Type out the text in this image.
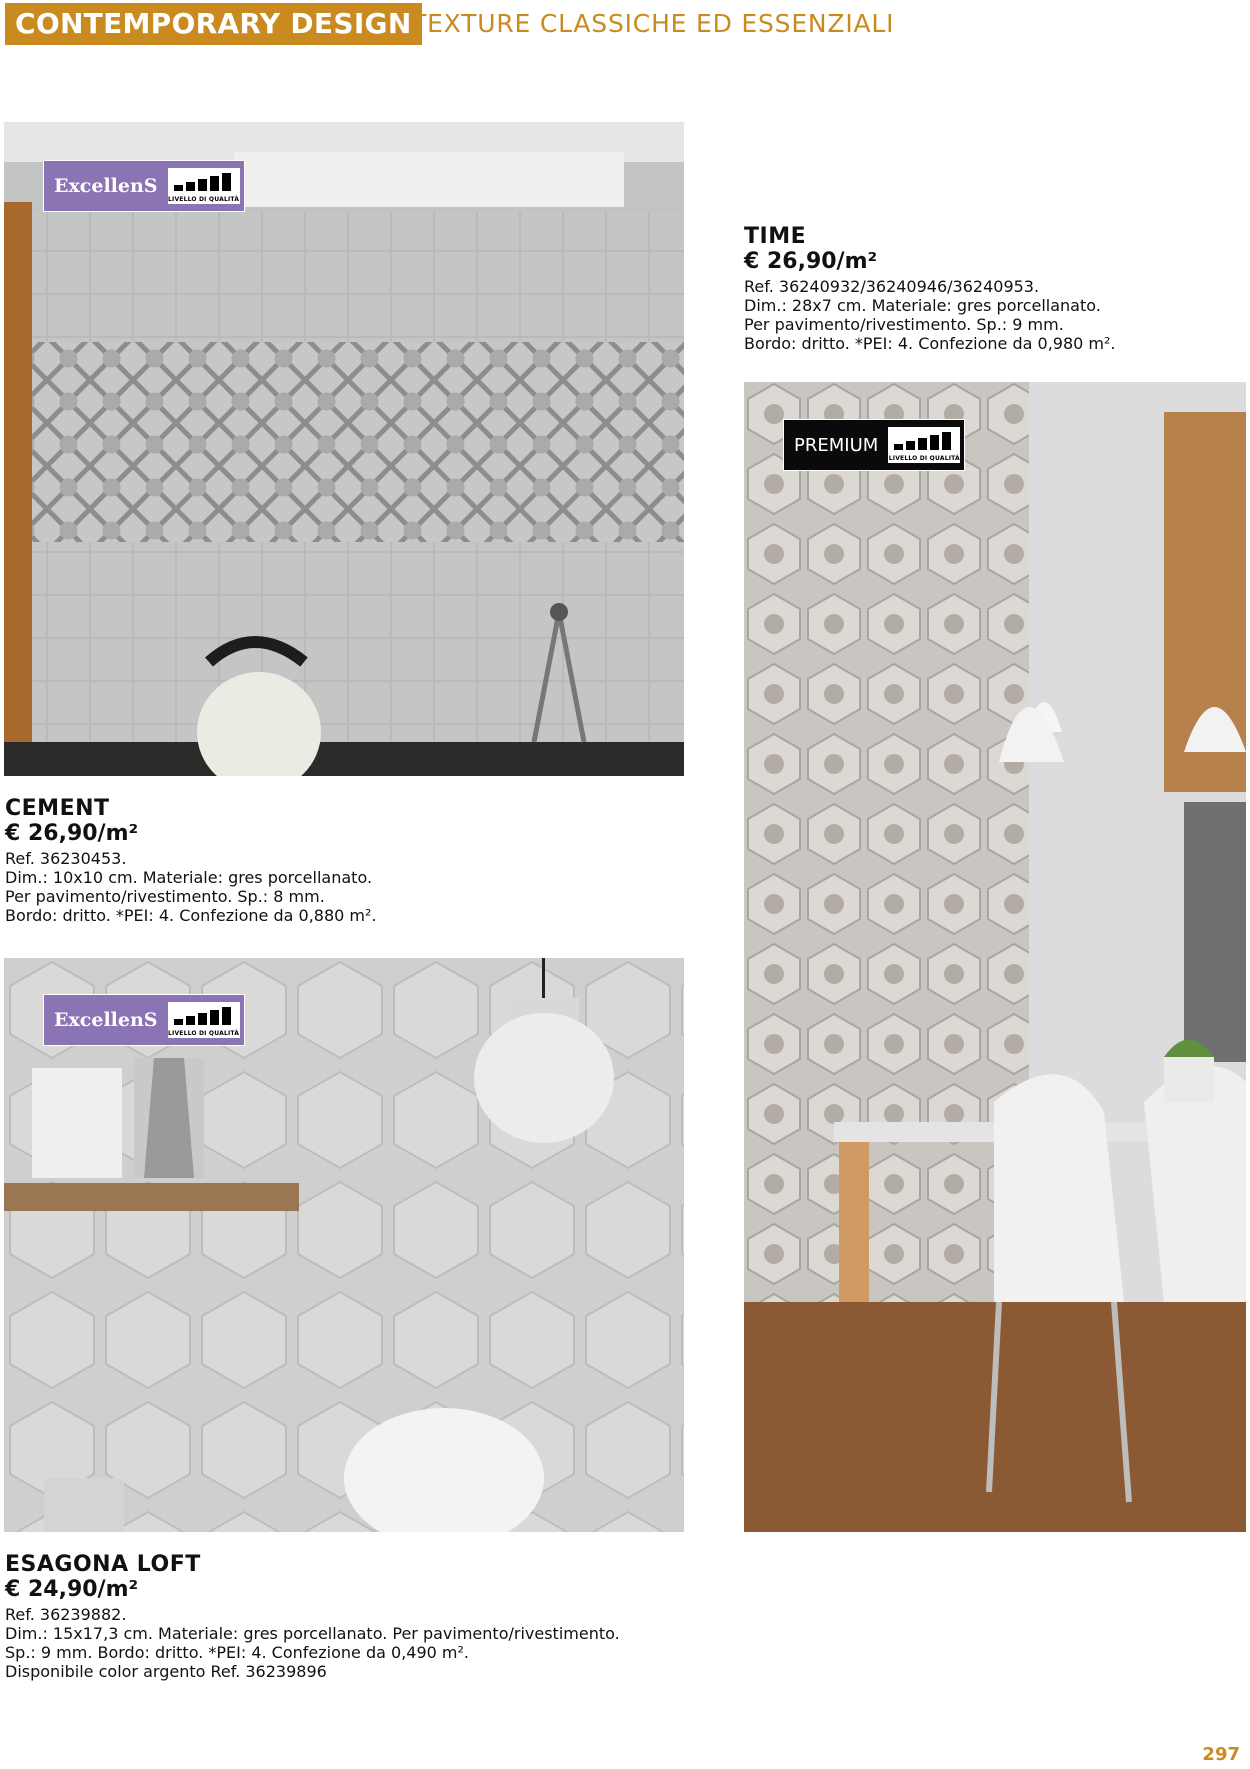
CONTEMPORARY DESIGN TEXTURE CLASSICHE ED ESSENZIALI
ExcellenS
LIVELLO DI QUALITÀ
PREMIUM
LIVELLO DI QUALITÀ
ExcellenS
LIVELLO DI QUALITÀ
TIME
€ 26,90/m²
Ref. 36240932/36240946/36240953.
Dim.: 28x7 cm. Materiale: gres porcellanato.
Per pavimento/rivestimento. Sp.: 9 mm.
Bordo: dritto. *PEI: 4. Confezione da 0,980 m².
CEMENT
€ 26,90/m²
Ref. 36230453.
Dim.: 10x10 cm. Materiale: gres porcellanato.
Per pavimento/rivestimento. Sp.: 8 mm.
Bordo: dritto. *PEI: 4. Confezione da 0,880 m².
ESAGONA LOFT
€ 24,90/m²
Ref. 36239882.
Dim.: 15x17,3 cm. Materiale: gres porcellanato. Per pavimento/rivestimento.
Sp.: 9 mm. Bordo: dritto. *PEI: 4. Confezione da 0,490 m².
Disponibile color argento Ref. 36239896
297
